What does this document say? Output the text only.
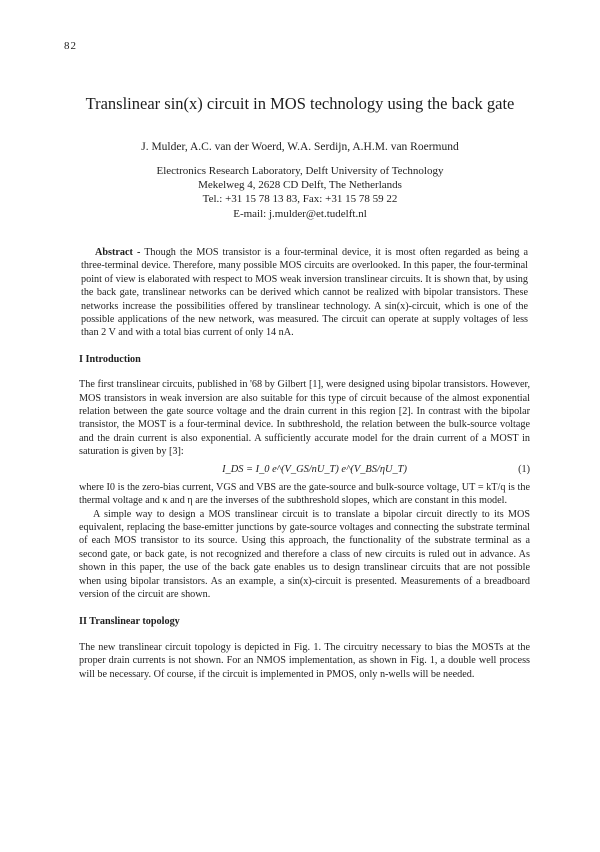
82
Translinear sin(x) circuit in MOS technology using the back gate
J. Mulder, A.C. van der Woerd, W.A. Serdijn, A.H.M. van Roermund
Electronics Research Laboratory, Delft University of Technology
Mekelweg 4, 2628 CD Delft, The Netherlands
Tel.: +31 15 78 13 83, Fax: +31 15 78 59 22
E-mail: j.mulder@et.tudelft.nl

Abstract - Though the MOS transistor is a four-terminal device, it is most often regarded as being a three-terminal device. Therefore, many possible MOS circuits are overlooked. In this paper, the four-terminal point of view is elaborated with respect to MOS weak inversion translinear circuits. It is shown that, by using the back gate, translinear networks can be derived which cannot be realized with bipolar transistors. These networks increase the possibilities offered by translinear technology. A sin(x)-circuit, which is one of the possible applications of the new network, was measured. The circuit can operate at supply voltages of less than 2 V and with a total bias current of only 14 nA.

I Introduction

The first translinear circuits, published in '68 by Gilbert [1], were designed using bipolar transistors. However, MOS transistors in weak inversion are also suitable for this type of circuit because of the almost exponential relation between the gate source voltage and the drain current in this region [2]. In contrast with the bipolar transistor, the MOST is a four-terminal device. In subthreshold, the relation between the bulk-source voltage and the drain current is also exponential. A sufficiently accurate model for the drain current of a MOST in saturation is given by [3]:

I_DS = I_0 e^(V_GS/nU_T) e^(V_BS/ηU_T)	(1)

where I0 is the zero-bias current, VGS and VBS are the gate-source and bulk-source voltage, UT = kT/q is the thermal voltage and κ and η are the inverses of the subthreshold slopes, which are constant in this model.

A simple way to design a MOS translinear circuit is to translate a bipolar circuit directly to its MOS equivalent, replacing the base-emitter junctions by gate-source voltages and connecting the substrate terminal of each MOS transistor to its source. Using this approach, the functionality of the substrate terminal as a second gate, or back gate, is not recognized and therefore a class of new circuits is ruled out in advance. As shown in this paper, the use of the back gate enables us to design translinear circuits that are not possible when using bipolar transistors. As an example, a sin(x)-circuit is presented. Measurements of a breadboard version of the circuit are shown.

II Translinear topology

The new translinear circuit topology is depicted in Fig. 1. The circuitry necessary to bias the MOSTs at the proper drain currents is not shown. For an NMOS implementation, as shown in Fig. 1, a double well process will be necessary. Of course, if the circuit is implemented in PMOS, only n-wells will be needed.
